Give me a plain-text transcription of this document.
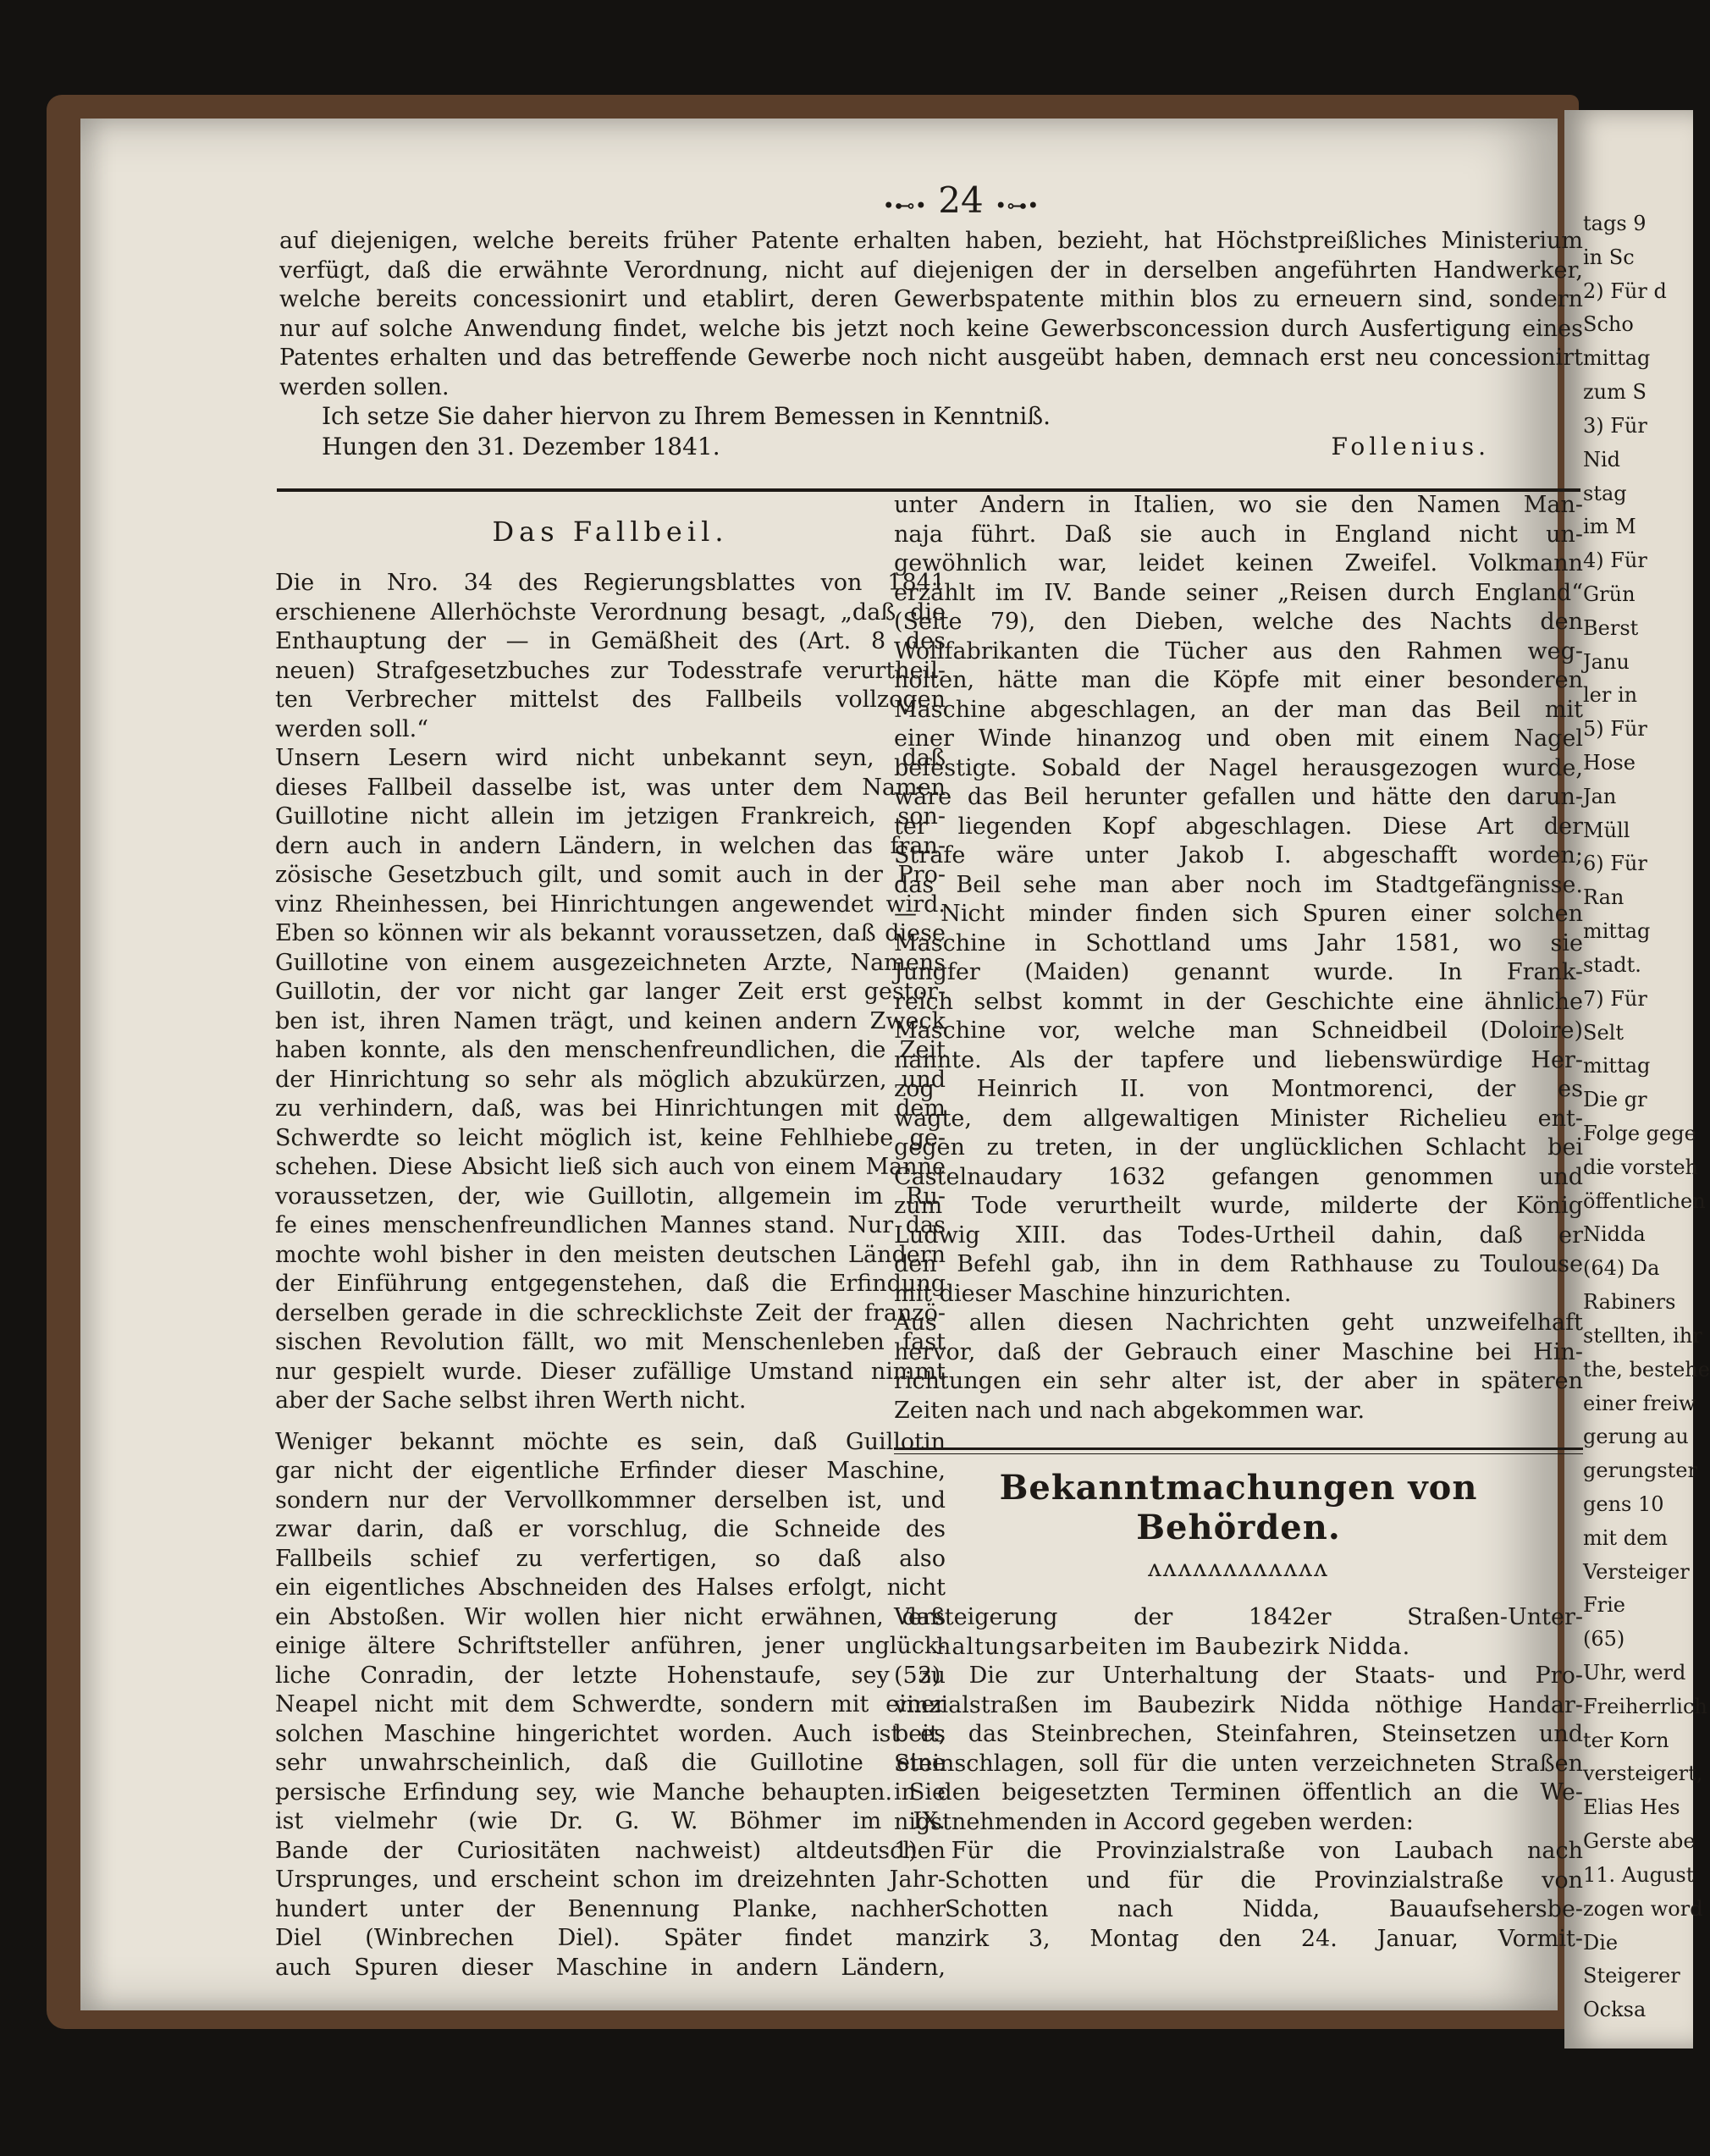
tags 9
in Sc
2) Für d
Scho
mittag
zum S
3) Für
Nid
stag
im M
4) Für
Grün
Berst
Janu
ler in
5) Für
Hose
Jan
Müll
6) Für
Ran
mittag
stadt.
7) Für
Selt
mittag
Die gr
Folge gege
die vorsteh
öffentlichen
Nidda
(64) Da
Rabiners
stellten, ihr
the, bestehe
einer freiw
gerung au
gerungster
gens 10
mit dem
Versteiger
Frie
(65)
Uhr, werd
Freiherrlich
ter Korn
versteigert,
Elias Hes
Gerste abe
11. August
zogen word
Die
Steigerer
Ocksa
•⊷• 24 •⊶•
auf diejenigen, welche bereits früher Patente erhalten haben, bezieht, hat Höchstpreißliches Ministerium
verfügt, daß die erwähnte Verordnung, nicht auf diejenigen der in derselben angeführten Handwerker,
welche bereits concessionirt und etablirt, deren Gewerbspatente mithin blos zu erneuern sind, sondern
nur auf solche Anwendung findet, welche bis jetzt noch keine Gewerbsconcession durch Ausfertigung eines
Patentes erhalten und das betreffende Gewerbe noch nicht ausgeübt haben, demnach erst neu concessionirt
werden sollen.
Ich setze Sie daher hiervon zu Ihrem Bemessen in Kenntniß.
Hungen den 31. Dezember 1841.	Follenius.
Das Fallbeil.
Die in Nro. 34 des Regierungsblattes von 1841
erschienene Allerhöchste Verordnung besagt, „daß die
Enthauptung der — in Gemäßheit des (Art. 8 des
neuen) Strafgesetzbuches zur Todesstrafe verurtheil-
ten Verbrecher mittelst des Fallbeils vollzogen
werden soll.“
Unsern Lesern wird nicht unbekannt seyn, daß
dieses Fallbeil dasselbe ist, was unter dem Namen
Guillotine nicht allein im jetzigen Frankreich, son-
dern auch in andern Ländern, in welchen das fran-
zösische Gesetzbuch gilt, und somit auch in der Pro-
vinz Rheinhessen, bei Hinrichtungen angewendet wird.
Eben so können wir als bekannt voraussetzen, daß diese
Guillotine von einem ausgezeichneten Arzte, Namens
Guillotin, der vor nicht gar langer Zeit erst gestor-
ben ist, ihren Namen trägt, und keinen andern Zweck
haben konnte, als den menschenfreundlichen, die Zeit
der Hinrichtung so sehr als möglich abzukürzen, und
zu verhindern, daß, was bei Hinrichtungen mit dem
Schwerdte so leicht möglich ist, keine Fehlhiebe ge-
schehen. Diese Absicht ließ sich auch von einem Manne
voraussetzen, der, wie Guillotin, allgemein im Ru-
fe eines menschenfreundlichen Mannes stand. Nur das
mochte wohl bisher in den meisten deutschen Ländern
der Einführung entgegenstehen, daß die Erfindung
derselben gerade in die schrecklichste Zeit der franzö-
sischen Revolution fällt, wo mit Menschenleben fast
nur gespielt wurde. Dieser zufällige Umstand nimmt
aber der Sache selbst ihren Werth nicht.
Weniger bekannt möchte es sein, daß Guillotin
gar nicht der eigentliche Erfinder dieser Maschine,
sondern nur der Vervollkommner derselben ist, und
zwar darin, daß er vorschlug, die Schneide des
Fallbeils schief zu verfertigen, so daß also
ein eigentliches Abschneiden des Halses erfolgt, nicht
ein Abstoßen. Wir wollen hier nicht erwähnen, daß
einige ältere Schriftsteller anführen, jener unglück-
liche Conradin, der letzte Hohenstaufe, sey zu
Neapel nicht mit dem Schwerdte, sondern mit einer
solchen Maschine hingerichtet worden. Auch ist es
sehr unwahrscheinlich, daß die Guillotine eine
persische Erfindung sey, wie Manche behaupten. Sie
ist vielmehr (wie Dr. G. W. Böhmer im IX.
Bande der Curiositäten nachweist) altdeutschen
Ursprunges, und erscheint schon im dreizehnten Jahr-
hundert unter der Benennung Planke, nachher
Diel (Winbrechen Diel). Später findet man
auch Spuren dieser Maschine in andern Ländern,
unter Andern in Italien, wo sie den Namen Man-
naja führt. Daß sie auch in England nicht un-
gewöhnlich war, leidet keinen Zweifel. Volkmann
erzählt im IV. Bande seiner „Reisen durch England“
(Seite 79), den Dieben, welche des Nachts den
Wollfabrikanten die Tücher aus den Rahmen weg-
holten, hätte man die Köpfe mit einer besonderen
Maschine abgeschlagen, an der man das Beil mit
einer Winde hinanzog und oben mit einem Nagel
befestigte. Sobald der Nagel herausgezogen wurde,
wäre das Beil herunter gefallen und hätte den darun-
ter liegenden Kopf abgeschlagen. Diese Art der
Strafe wäre unter Jakob I. abgeschafft worden;
das Beil sehe man aber noch im Stadtgefängnisse.
— Nicht minder finden sich Spuren einer solchen
Maschine in Schottland ums Jahr 1581, wo sie
Jungfer (Maiden) genannt wurde. In Frank-
reich selbst kommt in der Geschichte eine ähnliche
Maschine vor, welche man Schneidbeil (Doloire)
nannte. Als der tapfere und liebenswürdige Her-
zog Heinrich II. von Montmorenci, der es
wagte, dem allgewaltigen Minister Richelieu ent-
gegen zu treten, in der unglücklichen Schlacht bei
Castelnaudary 1632 gefangen genommen und
zum Tode verurtheilt wurde, milderte der König
Ludwig XIII. das Todes-Urtheil dahin, daß er
den Befehl gab, ihn in dem Rathhause zu Toulouse
mit dieser Maschine hinzurichten.
Aus allen diesen Nachrichten geht unzweifelhaft
hervor, daß der Gebrauch einer Maschine bei Hin-
richtungen ein sehr alter ist, der aber in späteren
Zeiten nach und nach abgekommen war.
Bekanntmachungen von Behörden.
ʌʌʌʌʌʌʌʌʌʌʌʌ
Versteigerung der 1842er Straßen-Unter-
haltungsarbeiten im Baubezirk Nidda.
(53) Die zur Unterhaltung der Staats- und Pro-
vinzialstraßen im Baubezirk Nidda nöthige Handar-
beit, das Steinbrechen, Steinfahren, Steinsetzen und
Steinschlagen, soll für die unten verzeichneten Straßen
in den beigesetzten Terminen öffentlich an die We-
nigstnehmenden in Accord gegeben werden:
1) Für die Provinzialstraße von Laubach nach
Schotten und für die Provinzialstraße von
Schotten nach Nidda, Bauaufsehersbe-
zirk 3, Montag den 24. Januar, Vormit-
